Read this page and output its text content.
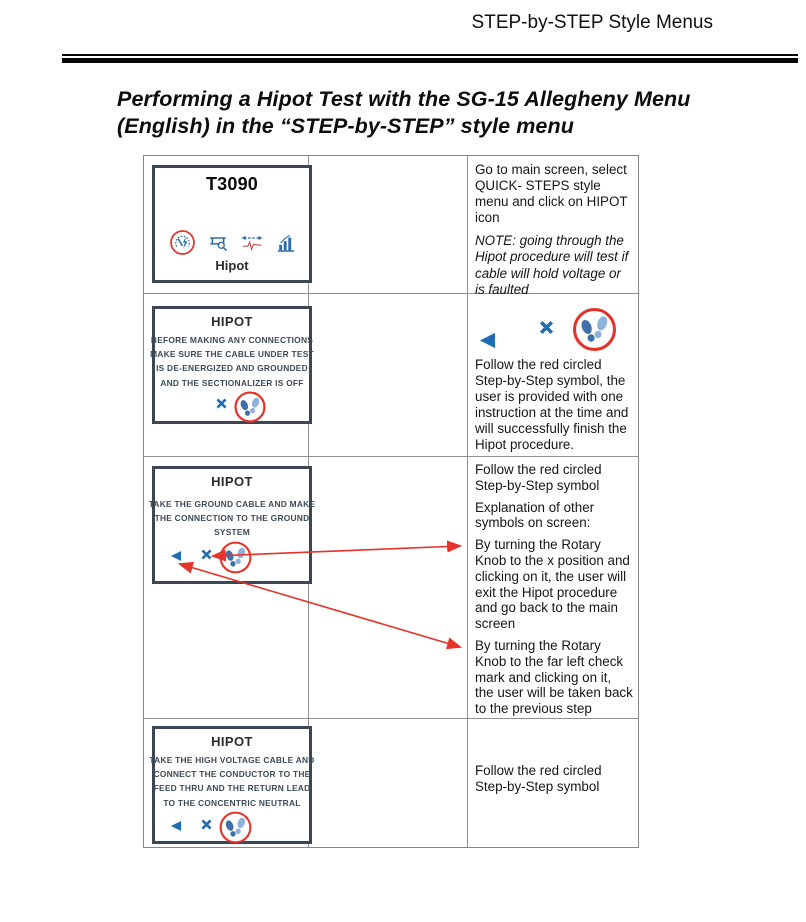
STEP-by-STEP Style Menus
Performing a Hipot Test with the SG-15 Allegheny Menu
(English) in the “STEP-by-STEP” style menu
T3090
Hipot

Go to main screen, select QUICK- STEPS style menu and click on HIPOT icon

NOTE: going through the Hipot procedure will test if cable will hold voltage or is faulted

HIPOT
BEFORE MAKING ANY CONNECTIONS
MAKE SURE THE CABLE UNDER TEST
IS DE-ENERGIZED AND GROUNDED
AND THE SECTIONALIZER IS OFF

Follow the red circled Step-by-Step symbol, the user is provided with one instruction at the time and will successfully finish the Hipot procedure.

HIPOT
TAKE THE GROUND CABLE AND MAKE
THE CONNECTION TO THE GROUND
SYSTEM

Follow the red circled Step-by-Step symbol

Explanation of other symbols on screen:

By turning the Rotary Knob to the x position and clicking on it, the user will exit the Hipot procedure and go back to the main screen

By turning the Rotary Knob to the far left check mark and clicking on it, the user will be taken back to the previous step

HIPOT
TAKE THE HIGH VOLTAGE CABLE AND
CONNECT THE CONDUCTOR TO THE
FEED THRU AND THE RETURN LEAD
TO THE CONCENTRIC NEUTRAL

Follow the red circled Step-by-Step symbol
